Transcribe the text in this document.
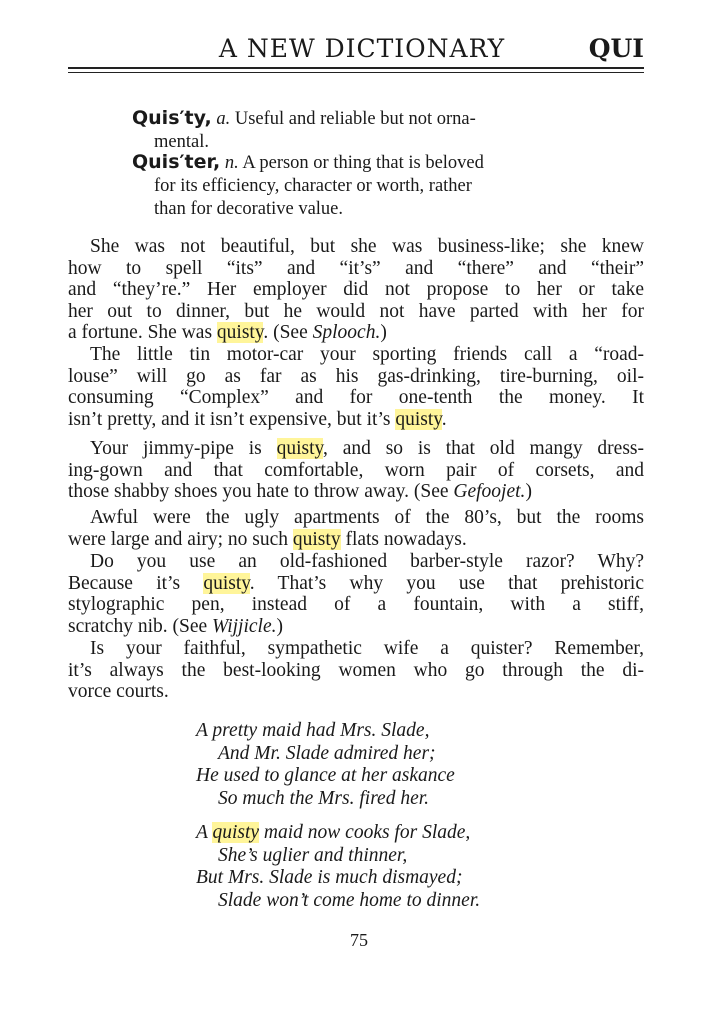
A NEW DICTIONARY	QUI
Quis′ty, a. Useful and reliable but not orna-
mental.
Quis′ter, n. A person or thing that is beloved
for its efficiency, character or worth, rather
than for decorative value.
She was not beautiful, but she was business-like; she knew
how to spell “its” and “it’s” and “there” and “their”
and “they’re.” Her employer did not propose to her or take
her out to dinner, but he would not have parted with her for
a fortune. She was quisty. (See Splooch.)
The little tin motor-car your sporting friends call a “road-
louse” will go as far as his gas-drinking, tire-burning, oil-
consuming “Complex” and for one-tenth the money. It
isn’t pretty, and it isn’t expensive, but it’s quisty.
Your jimmy-pipe is quisty, and so is that old mangy dress-
ing-gown and that comfortable, worn pair of corsets, and
those shabby shoes you hate to throw away. (See Gefoojet.)
Awful were the ugly apartments of the 80’s, but the rooms
were large and airy; no such quisty flats nowadays.
Do you use an old-fashioned barber-style razor? Why?
Because it’s quisty. That’s why you use that prehistoric
stylographic pen, instead of a fountain, with a stiff,
scratchy nib. (See Wijjicle.)
Is your faithful, sympathetic wife a quister? Remember,
it’s always the best-looking women who go through the di-
vorce courts.
A pretty maid had Mrs. Slade,
And Mr. Slade admired her;
He used to glance at her askance
So much the Mrs. fired her.
A quisty maid now cooks for Slade,
She’s uglier and thinner,
But Mrs. Slade is much dismayed;
Slade won’t come home to dinner.
75
